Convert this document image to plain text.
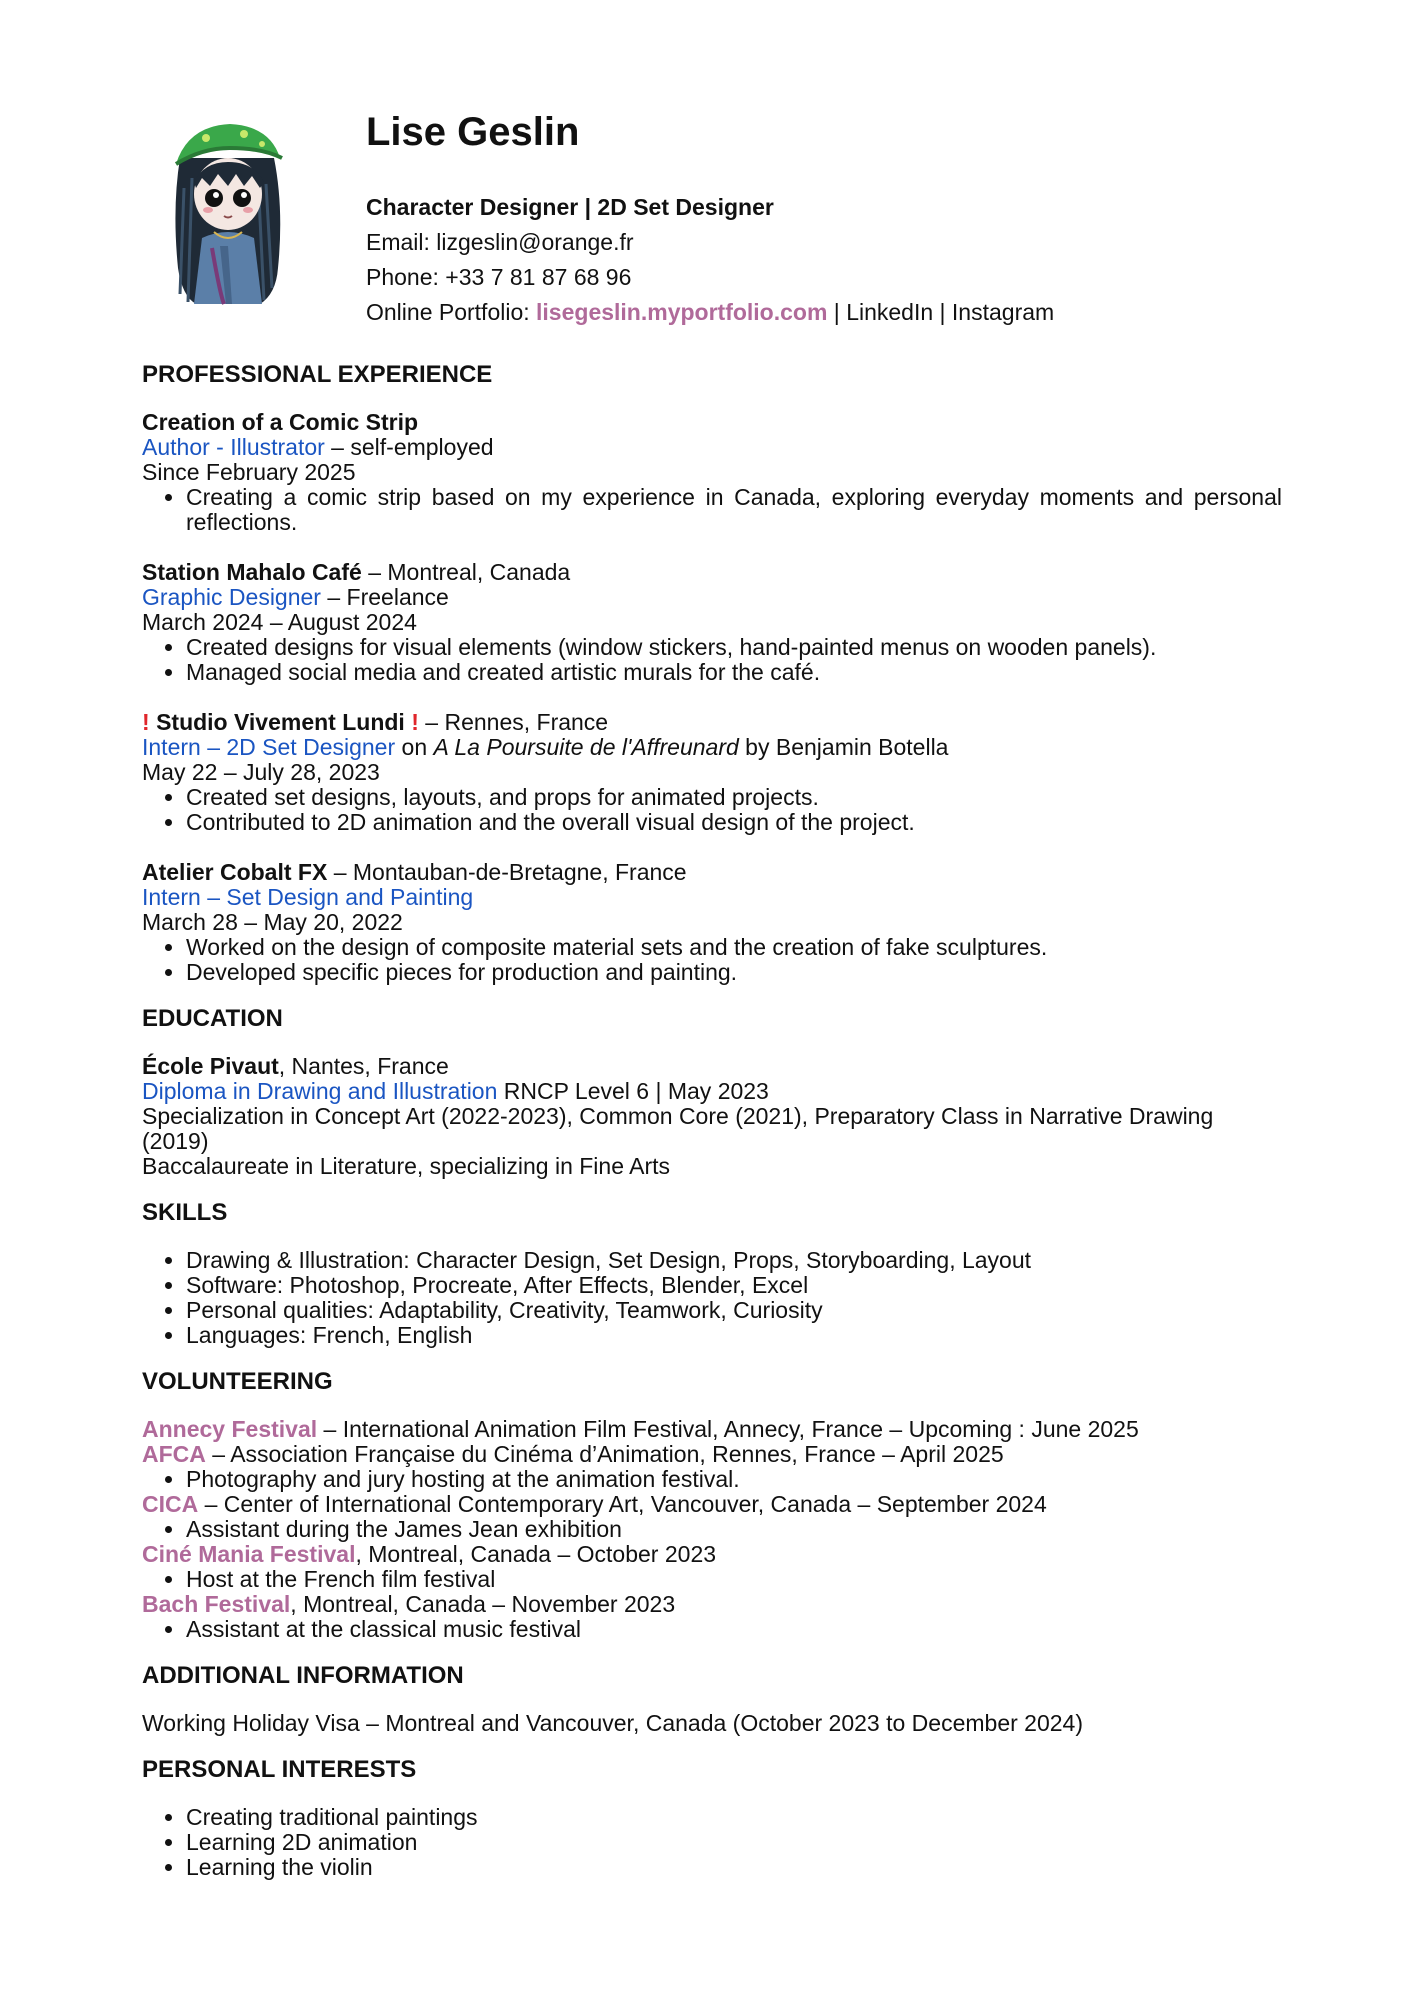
Lise Geslin
Character Designer | 2D Set Designer
Email: lizgeslin@orange.fr
Phone: +33 7 81 87 68 96
Online Portfolio: lisegeslin.myportfolio.com | LinkedIn | Instagram
PROFESSIONAL EXPERIENCE
Creation of a Comic Strip
Author - Illustrator – self-employed
Since February 2025
• Creating a comic strip based on my experience in Canada, exploring everyday moments and personal reflections.
Station Mahalo Café – Montreal, Canada
Graphic Designer – Freelance
March 2024 – August 2024
• Created designs for visual elements (window stickers, hand-painted menus on wooden panels).
• Managed social media and created artistic murals for the café.
! Studio Vivement Lundi ! – Rennes, France
Intern – 2D Set Designer on A La Poursuite de l'Affreunard by Benjamin Botella
May 22 – July 28, 2023
• Created set designs, layouts, and props for animated projects.
• Contributed to 2D animation and the overall visual design of the project.
Atelier Cobalt FX – Montauban-de-Bretagne, France
Intern – Set Design and Painting
March 28 – May 20, 2022
• Worked on the design of composite material sets and the creation of fake sculptures.
• Developed specific pieces for production and painting.
EDUCATION
École Pivaut, Nantes, France
Diploma in Drawing and Illustration RNCP Level 6 | May 2023
Specialization in Concept Art (2022-2023), Common Core (2021), Preparatory Class in Narrative Drawing (2019)
Baccalaureate in Literature, specializing in Fine Arts
SKILLS
• Drawing & Illustration: Character Design, Set Design, Props, Storyboarding, Layout
• Software: Photoshop, Procreate, After Effects, Blender, Excel
• Personal qualities: Adaptability, Creativity, Teamwork, Curiosity
• Languages: French, English
VOLUNTEERING
Annecy Festival – International Animation Film Festival, Annecy, France – Upcoming : June 2025
AFCA – Association Française du Cinéma d’Animation, Rennes, France – April 2025
• Photography and jury hosting at the animation festival.
CICA – Center of International Contemporary Art, Vancouver, Canada – September 2024
• Assistant during the James Jean exhibition
Ciné Mania Festival, Montreal, Canada – October 2023
• Host at the French film festival
Bach Festival, Montreal, Canada – November 2023
• Assistant at the classical music festival
ADDITIONAL INFORMATION
Working Holiday Visa – Montreal and Vancouver, Canada (October 2023 to December 2024)
PERSONAL INTERESTS
• Creating traditional paintings
• Learning 2D animation
• Learning the violin
